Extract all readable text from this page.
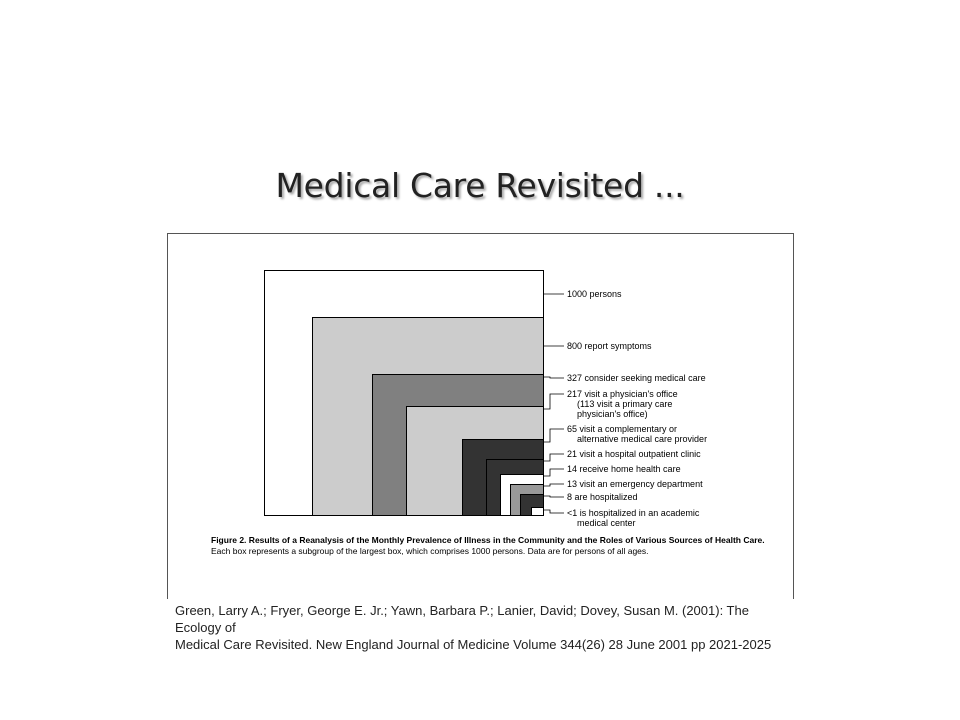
Medical Care Revisited ...
1000 persons
800 report symptoms
327 consider seeking medical care
217 visit a physician's office
(113 visit a primary care
physician's office)
65 visit a complementary or
alternative medical care provider
21 visit a hospital outpatient clinic
14 receive home health care
13 visit an emergency department
8 are hospitalized
<1 is hospitalized in an academic
medical center
Figure 2. Results of a Reanalysis of the Monthly Prevalence of Illness in the Community and the Roles of Various Sources of Health Care.
Each box represents a subgroup of the largest box, which comprises 1000 persons. Data are for persons of all ages.
Green, Larry A.; Fryer, George E. Jr.; Yawn, Barbara P.; Lanier, David; Dovey, Susan M. (2001): The Ecology of
Medical Care Revisited. New England Journal of Medicine Volume 344(26) 28 June 2001 pp 2021-2025
